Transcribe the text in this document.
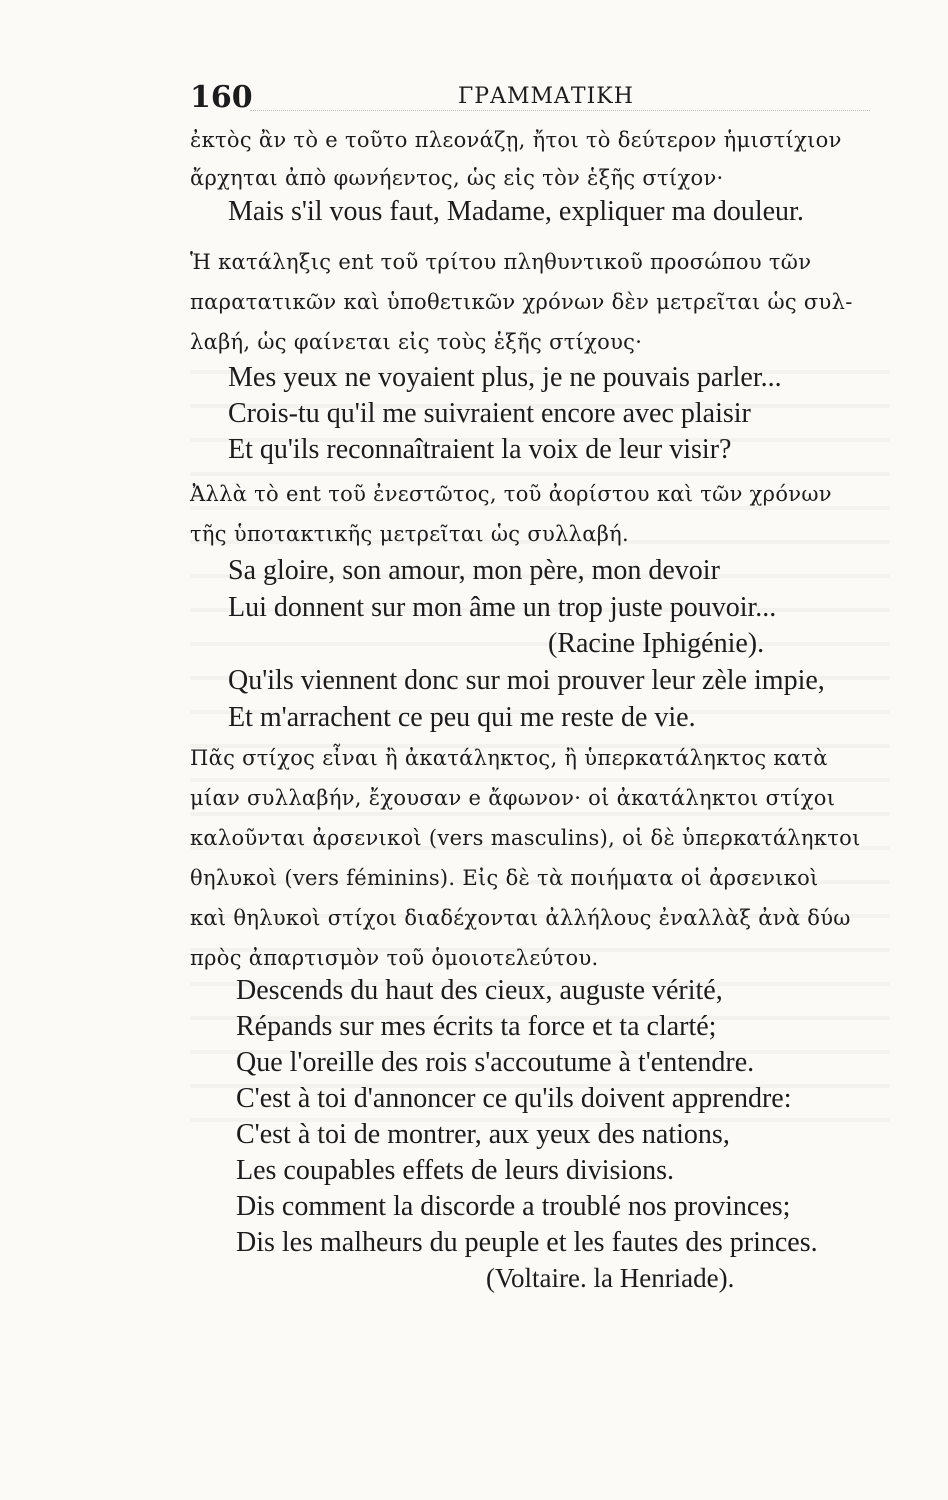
160	ΓΡΑΜΜΑΤΙΚΗ
ἐκτὸς ἂν τὸ e τοῦτο πλεονάζῃ, ἤτοι τὸ δεύτερον ἡμιστίχιον
ἄρχηται ἀπὸ φωνήεντος, ὡς εἰς τὸν ἑξῆς στίχον·
Mais s'il vous faut, Madame, expliquer ma douleur.
Ἡ κατάληξις ent τοῦ τρίτου πληθυντικοῦ προσώπου τῶν
παρατατικῶν καὶ ὑποθετικῶν χρόνων δὲν μετρεῖται ὡς συλ-
λαβή, ὡς φαίνεται εἰς τοὺς ἑξῆς στίχους·
Mes yeux ne voyaient plus, je ne pouvais parler...
Crois-tu qu'il me suivraient encore avec plaisir
Et qu'ils reconnaîtraient la voix de leur visir?
Ἀλλὰ τὸ ent τοῦ ἐνεστῶτος, τοῦ ἀορίστου καὶ τῶν χρόνων
τῆς ὑποτακτικῆς μετρεῖται ὡς συλλαβή.
Sa gloire, son amour, mon père, mon devoir
Lui donnent sur mon âme un trop juste pouvoir...
(Racine Iphigénie).
Qu'ils viennent donc sur moi prouver leur zèle impie,
Et m'arrachent ce peu qui me reste de vie.
Πᾶς στίχος εἶναι ἢ ἀκατάληκτος, ἢ ὑπερκατάληκτος κατὰ
μίαν συλλαβήν, ἔχουσαν e ἄφωνον· οἱ ἀκατάληκτοι στίχοι
καλοῦνται ἀρσενικοὶ (vers masculins), οἱ δὲ ὑπερκατάληκτοι
θηλυκοὶ (vers féminins). Εἰς δὲ τὰ ποιήματα οἱ ἀρσενικοὶ
καὶ θηλυκοὶ στίχοι διαδέχονται ἀλλήλους ἐναλλὰξ ἀνὰ δύω
πρὸς ἀπαρτισμὸν τοῦ ὁμοιοτελεύτου.
Descends du haut des cieux, auguste vérité,
Répands sur mes écrits ta force et ta clarté;
Que l'oreille des rois s'accoutume à t'entendre.
C'est à toi d'annoncer ce qu'ils doivent apprendre:
C'est à toi de montrer, aux yeux des nations,
Les coupables effets de leurs divisions.
Dis comment la discorde a troublé nos provinces;
Dis les malheurs du peuple et les fautes des princes.
(Voltaire. la Henriade).
